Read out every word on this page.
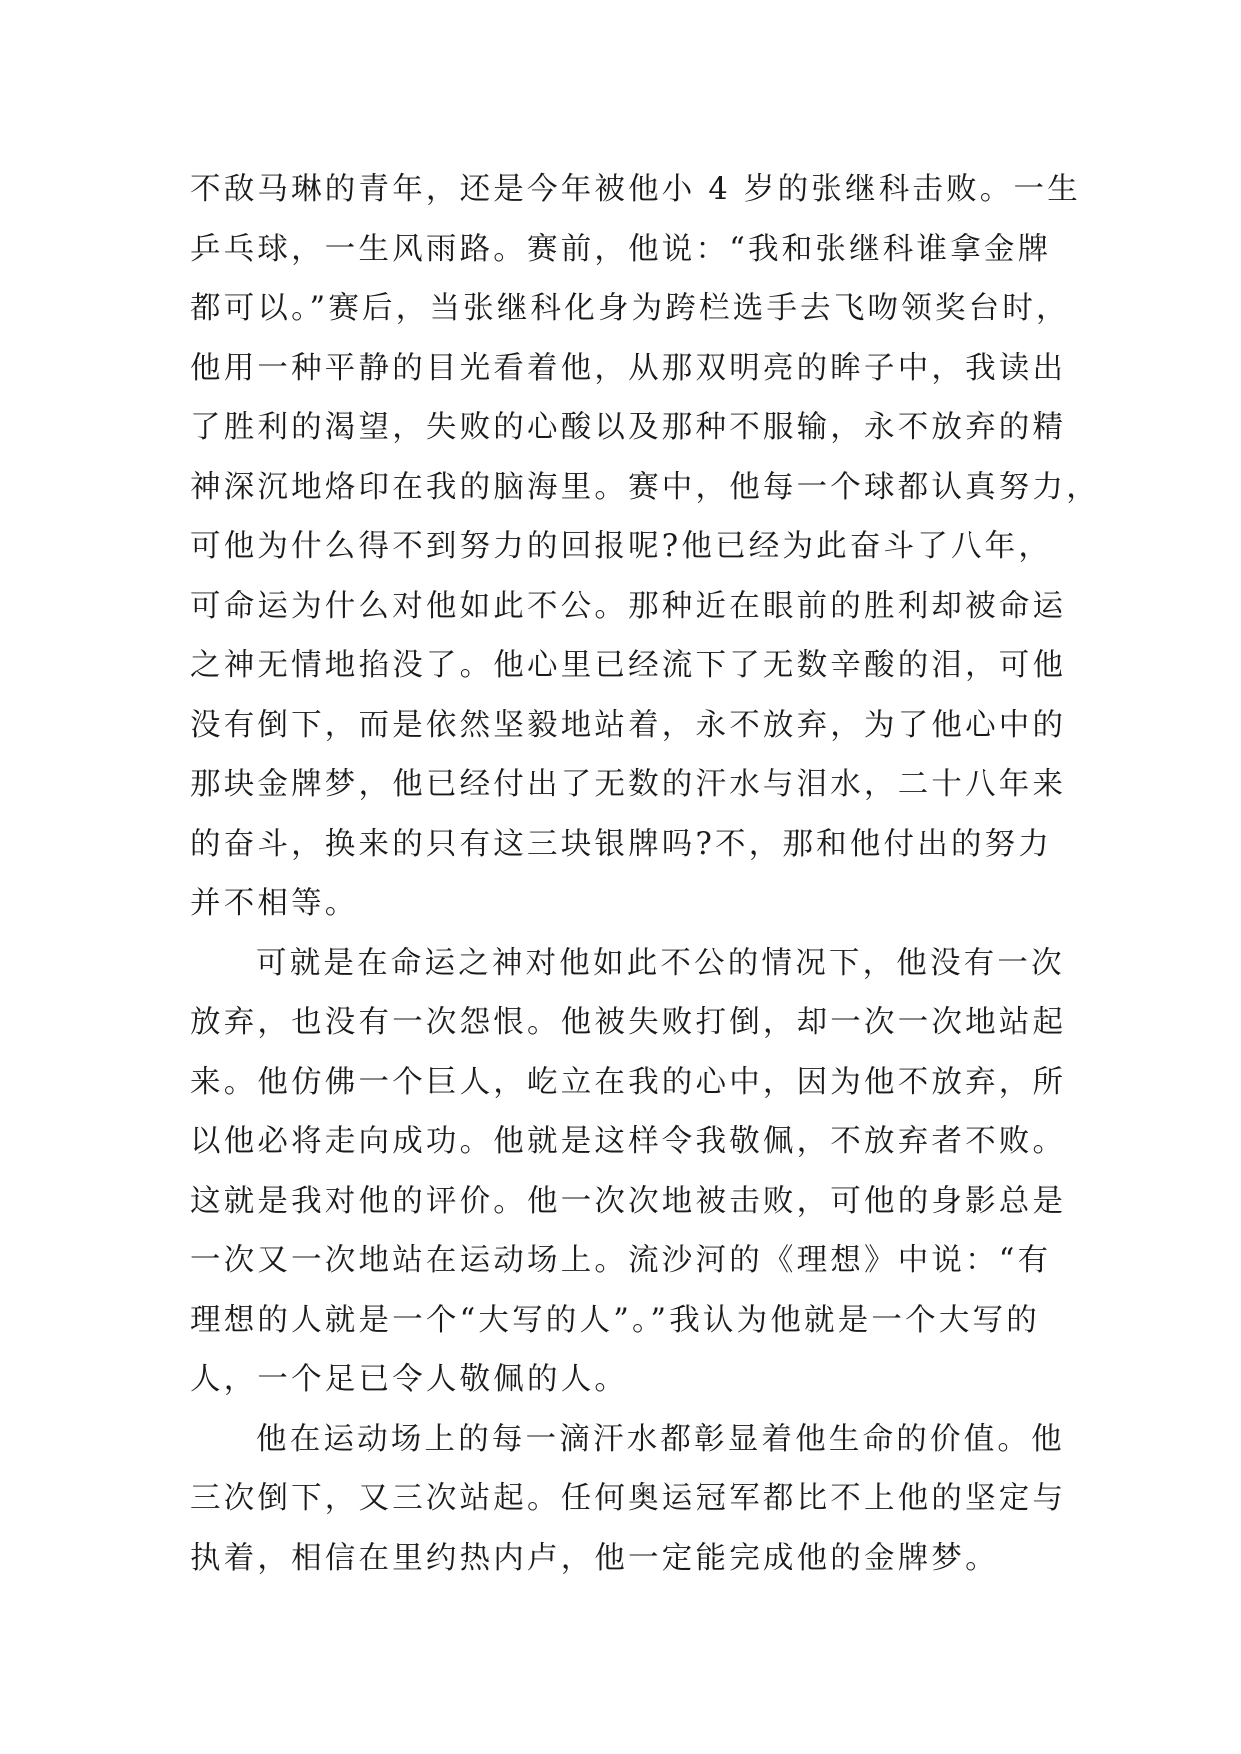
不敌马琳的青年，还是今年被他小 4 岁的张继科击败。一生
乒乓球，一生风雨路。赛前，他说：“我和张继科谁拿金牌
都可以。”赛后，当张继科化身为跨栏选手去飞吻领奖台时，
他用一种平静的目光看着他，从那双明亮的眸子中，我读出
了胜利的渴望，失败的心酸以及那种不服输，永不放弃的精
神深沉地烙印在我的脑海里。赛中，他每一个球都认真努力，
可他为什么得不到努力的回报呢?他已经为此奋斗了八年，
可命运为什么对他如此不公。那种近在眼前的胜利却被命运
之神无情地掐没了。他心里已经流下了无数辛酸的泪，可他
没有倒下，而是依然坚毅地站着，永不放弃，为了他心中的
那块金牌梦，他已经付出了无数的汗水与泪水，二十八年来
的奋斗，换来的只有这三块银牌吗?不，那和他付出的努力
并不相等。
可就是在命运之神对他如此不公的情况下，他没有一次
放弃，也没有一次怨恨。他被失败打倒，却一次一次地站起
来。他仿佛一个巨人，屹立在我的心中，因为他不放弃，所
以他必将走向成功。他就是这样令我敬佩，不放弃者不败。
这就是我对他的评价。他一次次地被击败，可他的身影总是
一次又一次地站在运动场上。流沙河的《理想》中说：“有
理想的人就是一个“大写的人”。”我认为他就是一个大写的
人，一个足已令人敬佩的人。
他在运动场上的每一滴汗水都彰显着他生命的价值。他
三次倒下，又三次站起。任何奥运冠军都比不上他的坚定与
执着，相信在里约热内卢，他一定能完成他的金牌梦。
